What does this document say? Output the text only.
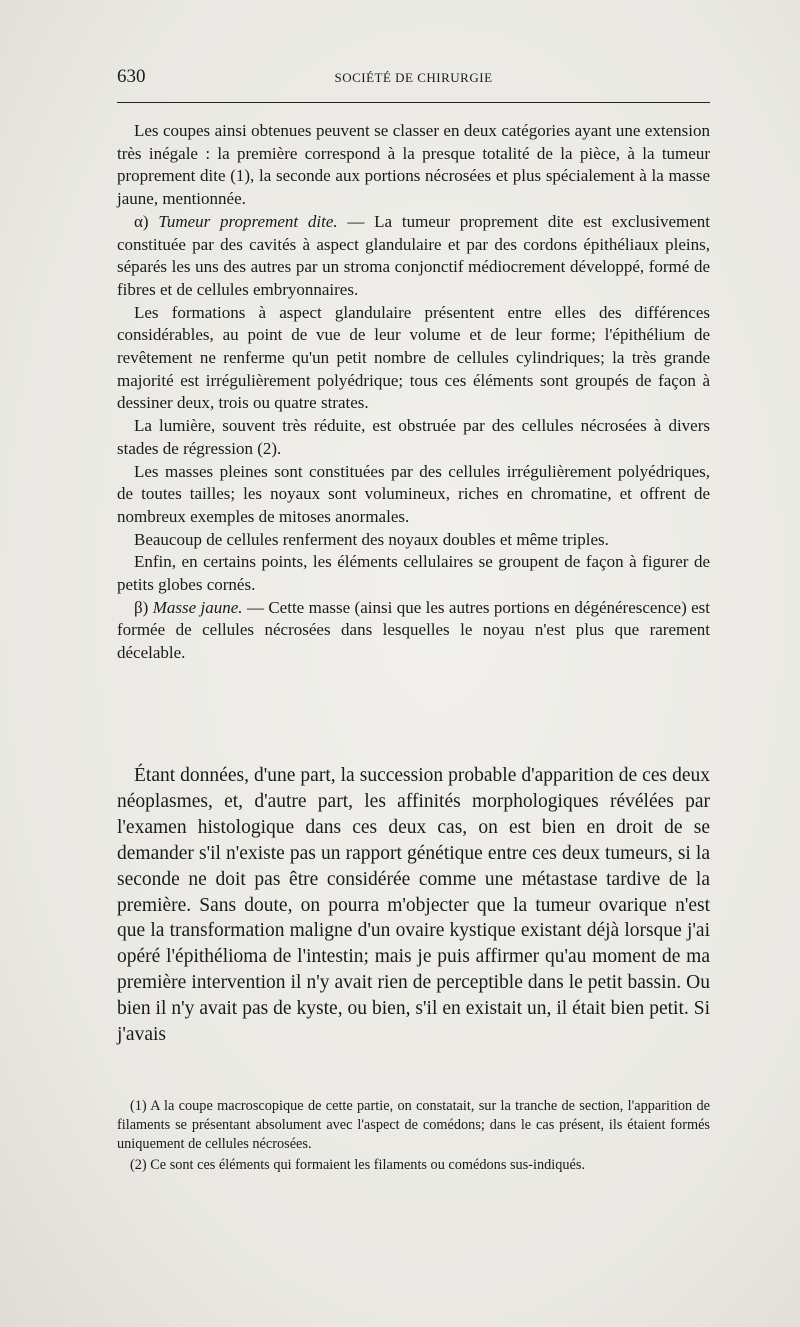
630	SOCIÉTÉ DE CHIRURGIE

Les coupes ainsi obtenues peuvent se classer en deux catégories ayant une extension très inégale : la première correspond à la presque totalité de la pièce, à la tumeur proprement dite (1), la seconde aux portions nécrosées et plus spécialement à la masse jaune, mentionnée.

α) Tumeur proprement dite. — La tumeur proprement dite est exclusivement constituée par des cavités à aspect glandulaire et par des cordons épithéliaux pleins, séparés les uns des autres par un stroma conjonctif médiocrement développé, formé de fibres et de cellules embryonnaires.

Les formations à aspect glandulaire présentent entre elles des différences considérables, au point de vue de leur volume et de leur forme; l'épithélium de revêtement ne renferme qu'un petit nombre de cellules cylindriques; la très grande majorité est irrégulièrement polyédrique; tous ces éléments sont groupés de façon à dessiner deux, trois ou quatre strates.

La lumière, souvent très réduite, est obstruée par des cellules nécrosées à divers stades de régression (2).

Les masses pleines sont constituées par des cellules irrégulièrement polyédriques, de toutes tailles; les noyaux sont volumineux, riches en chromatine, et offrent de nombreux exemples de mitoses anormales.

Beaucoup de cellules renferment des noyaux doubles et même triples.

Enfin, en certains points, les éléments cellulaires se groupent de façon à figurer de petits globes cornés.

β) Masse jaune. — Cette masse (ainsi que les autres portions en dégénérescence) est formée de cellules nécrosées dans lesquelles le noyau n'est plus que rarement décelable.

Étant données, d'une part, la succession probable d'apparition de ces deux néoplasmes, et, d'autre part, les affinités morphologiques révélées par l'examen histologique dans ces deux cas, on est bien en droit de se demander s'il n'existe pas un rapport génétique entre ces deux tumeurs, si la seconde ne doit pas être considérée comme une métastase tardive de la première. Sans doute, on pourra m'objecter que la tumeur ovarique n'est que la transformation maligne d'un ovaire kystique existant déjà lorsque j'ai opéré l'épithélioma de l'intestin; mais je puis affirmer qu'au moment de ma première intervention il n'y avait rien de perceptible dans le petit bassin. Ou bien il n'y avait pas de kyste, ou bien, s'il en existait un, il était bien petit. Si j'avais

(1) A la coupe macroscopique de cette partie, on constatait, sur la tranche de section, l'apparition de filaments se présentant absolument avec l'aspect de comédons; dans le cas présent, ils étaient formés uniquement de cellules nécrosées.

(2) Ce sont ces éléments qui formaient les filaments ou comédons sus-indiqués.
